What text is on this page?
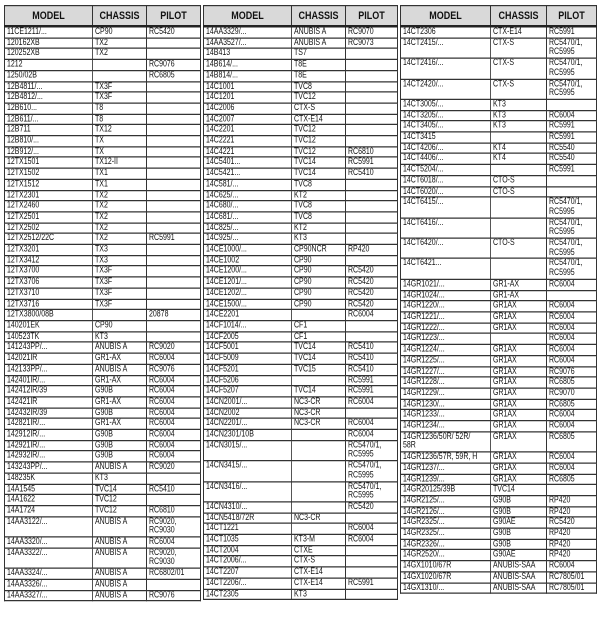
MODEL	CHASSIS	PILOT
11CE1211/...	CP90	RC5420
120162XB	TX2	
120252XB	TX2	
1212		RC9076
1250/02B		RC6805
12B4811/...	TX3F	
12B4812/...	TX3F	
12B610...	T8	
12B611/...	T8	
12B711	TX12	
12B810/...	TX	
12B912/...	TX	
12TX1501	TX12-II	
12TX1502	TX1	
12TX1512	TX1	
12TX2301	TX2	
12TX2460	TX2	
12TX2501	TX2	
12TX2502	TX2	
12TX2512/22C	TX2	RC5991
12TX3201	TX3	
12TX3412	TX3	
12TX3700	TX3F	
12TX3706	TX3F	
12TX3710	TX3F	
12TX3716	TX3F	
12TX3800/08B		20878
140201EK	CP90	
140523TK	KT3	
141243PP/...	ANUBIS A	RC9020
142021IR	GR1-AX	RC6004
142133PP/...	ANUBIS A	RC9076
142401IR/...	GR1-AX	RC6004
142412IR/39	G90B	RC6004
142421IR	GR1-AX	RC6004
142432IR/39	G90B	RC6004
142821IR/...	GR1-AX	RC6004
142912IR/...	G90B	RC6004
142921IR/...	G90B	RC6004
142932IR/...	G90B	RC6004
143243PP/...	ANUBIS A	RC9020
148235K	KT3	
14A1545	TVC14	RC5410
14A1622	TVC12	
14A1724	TVC12	RC6810
14AA3122/...	ANUBIS A	RC9020,
RC9030
14AA3320/...	ANUBIS A	RC6004
14AA3322/...	ANUBIS A	RC9020,
RC9030
14AA3324/...	ANUBIS A	RC6802/01
14AA3326/...	ANUBIS A	
14AA3327/...	ANUBIS A	RC9076
MODEL	CHASSIS	PILOT
14AA3329/...	ANUBIS A	RC9070
14AA3527/...	ANUBIS A	RC9073
14B413	TS7	
14B614/...	T8E	
14B814/...	T8E	
14C1001	TVC8	
14C1201	TVC12	
14C2006	CTX-S	
14C2007	CTX-E14	
14C2201	TVC12	
14C2221	TVC12	
14C4221	TVC12	RC6810
14C5401...	TVC14	RC5991
14C5421...	TVC14	RC5410
14C581/...	TVC8	
14C625/...	KT2	
14C680/...	TVC8	
14C681/...	TVC8	
14C825/...	KT2	
14C925/...	KT3	
14CE1000/...	CP90NCR	RP420
14CE1002	CP90	
14CE1200/...	CP90	RC5420
14CE1201/...	CP90	RC5420
14CE1202/...	CP90	RC5420
14CE1500/...	CP90	RC5420
14CE2201		RC6004
14CF1014/...	CF1	
14CF2005	CF1	
14CF5001	TVC14	RC5410
14CF5009	TVC14	RC5410
14CF5201	TVC15	RC5410
14CF5206		RC5991
14CF5207	TVC14	RC5991
14CN2001/...	NC3-CR	RC6004
14CN2002	NC3-CR	
14CN2201/...	NC3-CR	RC6004
14CN2301/10B		RC6004
14CN3015/...		RC5470/1,
RC5995
14CN3415/...		RC5470/1,
RC5995
14CN3416/...		RC5470/1,
RC5995
14CN4310/...		RC5420
14CN5418/72R	NC3-CR	
14CT1221		RC6004
14CT1035	KT3-M	RC6004
14CT2004	CTXE	
14CT2006/...	CTX-S	
14CT2207	CTX-E14	
14CT2206/...	CTX-E14	RC5991
14CT2305	KT3	
MODEL	CHASSIS	PILOT
14CT2306	CTX-E14	RC5991
14CT2415/...	CTX-S	RC5470/1,
RC5995
14CT2416/...	CTX-S	RC5470/1,
RC5995
14CT2420/...	CTX-S	RC5470/1,
RC5995
14CT3005/...	KT3	
14CT3205/...	KT3	RC6004
14CT3405/...	KT3	RC5991
14CT3415		RC5991
14CT4206/...	KT4	RC5540
14CT4406/...	KT4	RC5540
14CT5204/...		RC5991
14CT6018/...	CTO-S	
14CT6020/...	CTO-S	
14CT6415/...		RC5470/1,
RC5995
14CT6416/...		RC5470/1,
RC5995
14CT6420/...	CTO-S	RC5470/1,
RC5995
14CT6421...		RC5470/1,
RC5995
14GR1021/...	GR1-AX	RC6004
14GR1024/...	GR1-AX	
14GR1220/...	GR1AX	RC6004
14GR1221/...	GR1AX	RC6004
14GR1222/...	GR1AX	RC6004
14GR1223/...		RC6004
14GR1224/...	GR1AX	RC6004
14GR1225/...	GR1AX	RC6004
14GR1227/...	GR1AX	RC9076
14GR1228/...	GR1AX	RC6805
14GR1229/...	GR1AX	RC9070
14GR1230/...	GR1AX	RC6805
14GR1233/...	GR1AX	RC6004
14GR1234/...	GR1AX	RC6004
14GR1236/50R/ 52R/
58R	GR1AX	RC6805
14GR1236/57R, 59R, H	GR1AX	RC6004
14GR1237/...	GR1AX	RC6004
14GR1239/...	GR1AX	RC6805
14GR20125/39B	TVC14	
14GR2125/...	G90B	RP420
14GR2126/...	G90B	RP420
14GR2325/...	G90AE	RC5420
14GR2325/...	G90B	RP420
14GR2326/...	G90B	RP420
14GR2520/...	G90AE	RP420
14GX1010/67R	ANUBIS-SAA	RC6004
14GX1020/67R	ANUBIS-SAA	RC7805/01
14GX1310/...	ANUBIS-SAA	RC7805/01
